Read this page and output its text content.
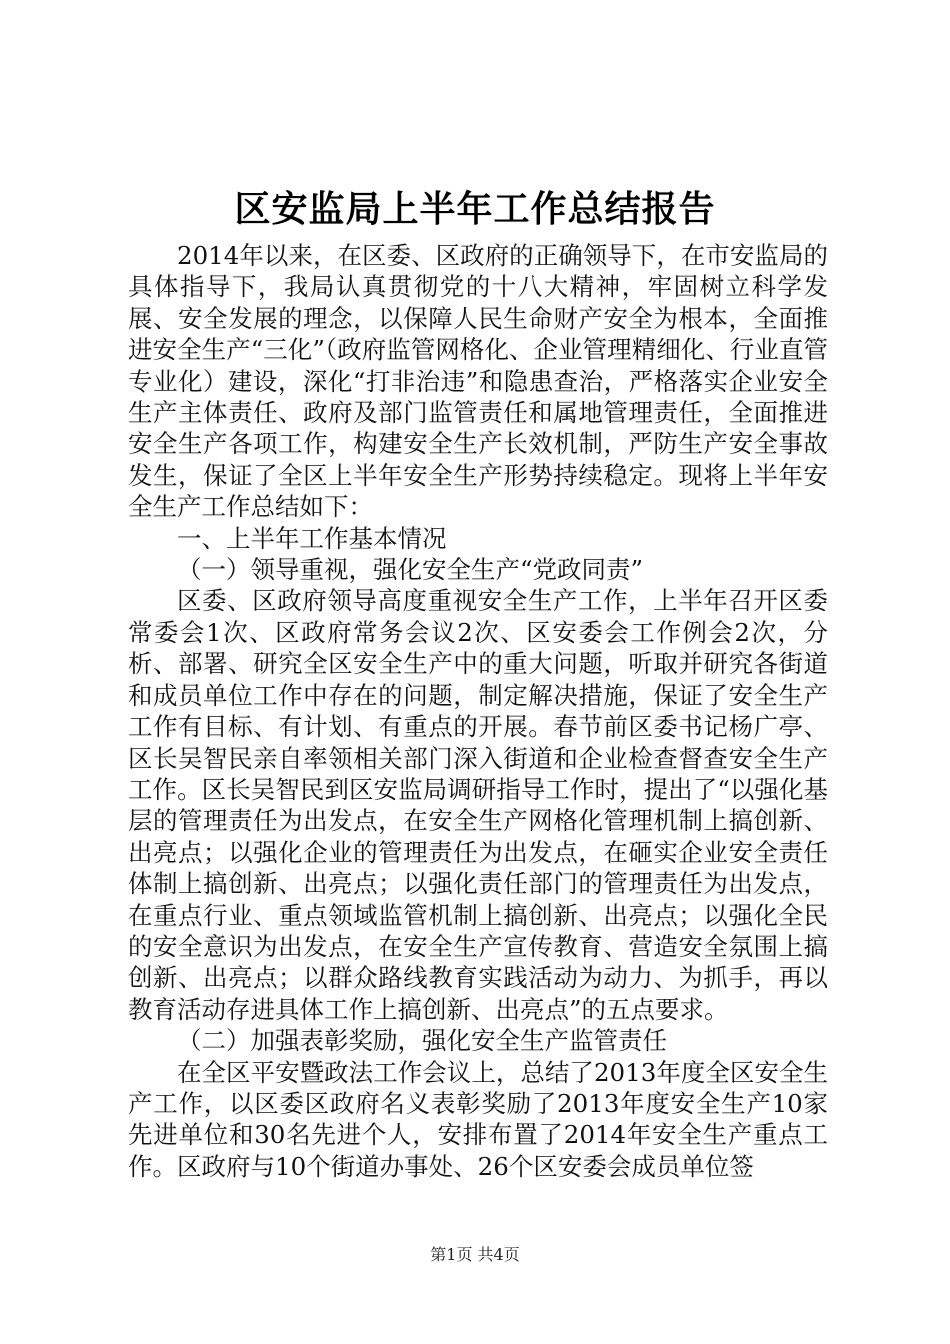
区安监局上半年工作总结报告

2014年以来，在区委、区政府的正确领导下，在市安监局的具体指导下，我局认真贯彻党的十八大精神，牢固树立科学发展、安全发展的理念，以保障人民生命财产安全为根本，全面推进安全生产“三化”（政府监管网格化、企业管理精细化、行业直管专业化）建设，深化“打非治违”和隐患查治，严格落实企业安全生产主体责任、政府及部门监管责任和属地管理责任，全面推进安全生产各项工作，构建安全生产长效机制，严防生产安全事故发生，保证了全区上半年安全生产形势持续稳定。现将上半年安全生产工作总结如下：

一、上半年工作基本情况

（一）领导重视，强化安全生产“党政同责”

区委、区政府领导高度重视安全生产工作，上半年召开区委常委会1次、区政府常务会议2次、区安委会工作例会2次，分析、部署、研究全区安全生产中的重大问题，听取并研究各街道和成员单位工作中存在的问题，制定解决措施，保证了安全生产工作有目标、有计划、有重点的开展。春节前区委书记杨广亭、区长吴智民亲自率领相关部门深入街道和企业检查督查安全生产工作。区长吴智民到区安监局调研指导工作时，提出了“以强化基层的管理责任为出发点，在安全生产网格化管理机制上搞创新、出亮点；以强化企业的管理责任为出发点，在砸实企业安全责任体制上搞创新、出亮点；以强化责任部门的管理责任为出发点，在重点行业、重点领域监管机制上搞创新、出亮点；以强化全民的安全意识为出发点，在安全生产宣传教育、营造安全氛围上搞创新、出亮点；以群众路线教育实践活动为动力、为抓手，再以教育活动存进具体工作上搞创新、出亮点”的五点要求。

（二）加强表彰奖励，强化安全生产监管责任

在全区平安暨政法工作会议上，总结了2013年度全区安全生产工作，以区委区政府名义表彰奖励了2013年度安全生产10家先进单位和30名先进个人，安排布置了2014年安全生产重点工作。区政府与10个街道办事处、26个区安委会成员单位签

第1页 共4页
